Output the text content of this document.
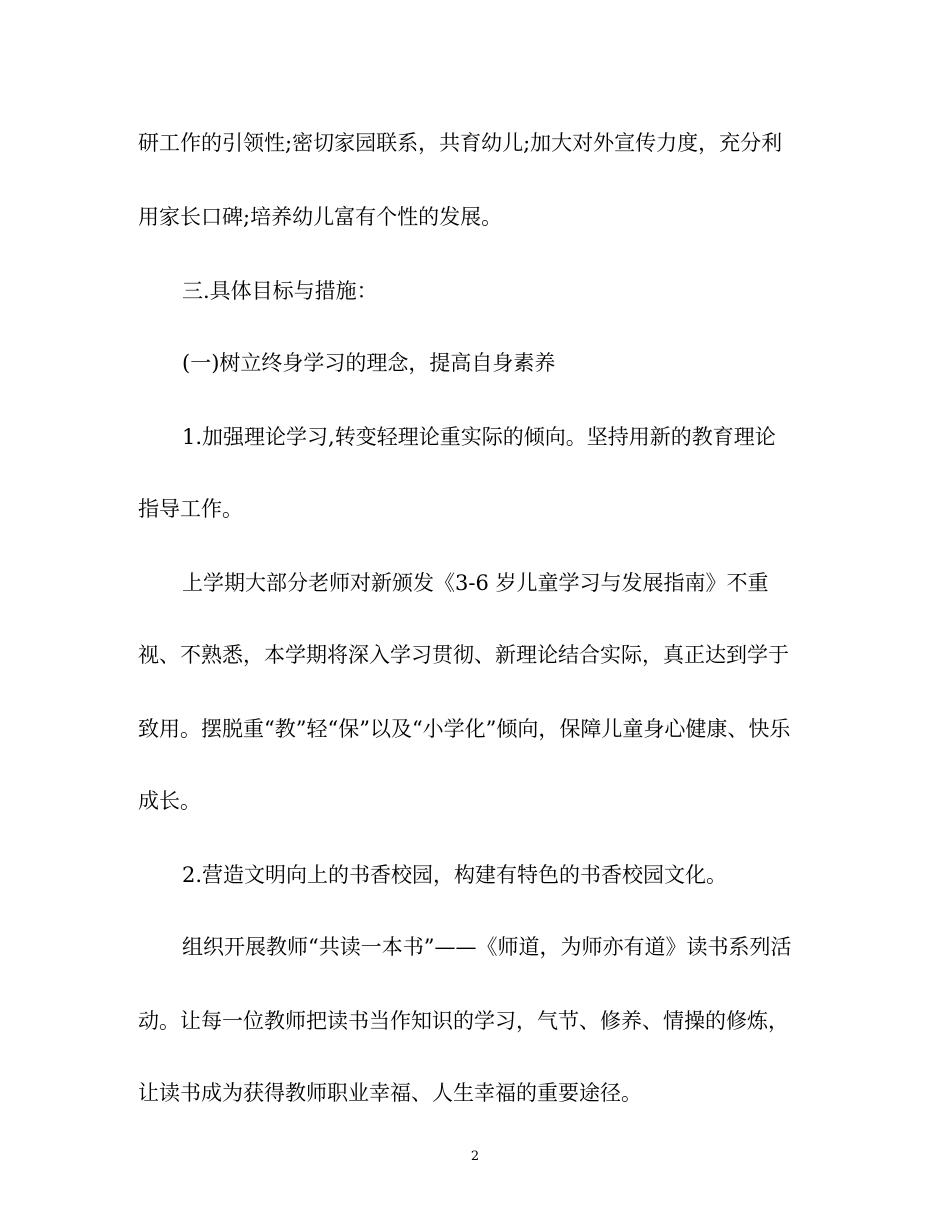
研工作的引领性;密切家园联系，共育幼儿;加大对外宣传力度，充分利

用家长口碑;培养幼儿富有个性的发展。

三.具体目标与措施：

(一)树立终身学习的理念，提高自身素养

1.加强理论学习,转变轻理论重实际的倾向。坚持用新的教育理论

指导工作。

上学期大部分老师对新颁发《3-6 岁儿童学习与发展指南》不重

视、不熟悉，本学期将深入学习贯彻、新理论结合实际，真正达到学于

致用。摆脱重“教”轻“保”以及“小学化”倾向，保障儿童身心健康、快乐

成长。

2.营造文明向上的书香校园，构建有特色的书香校园文化。

组织开展教师“共读一本书”——《师道，为师亦有道》读书系列活

动。让每一位教师把读书当作知识的学习，气节、修养、情操的修炼，

让读书成为获得教师职业幸福、人生幸福的重要途径。

2
